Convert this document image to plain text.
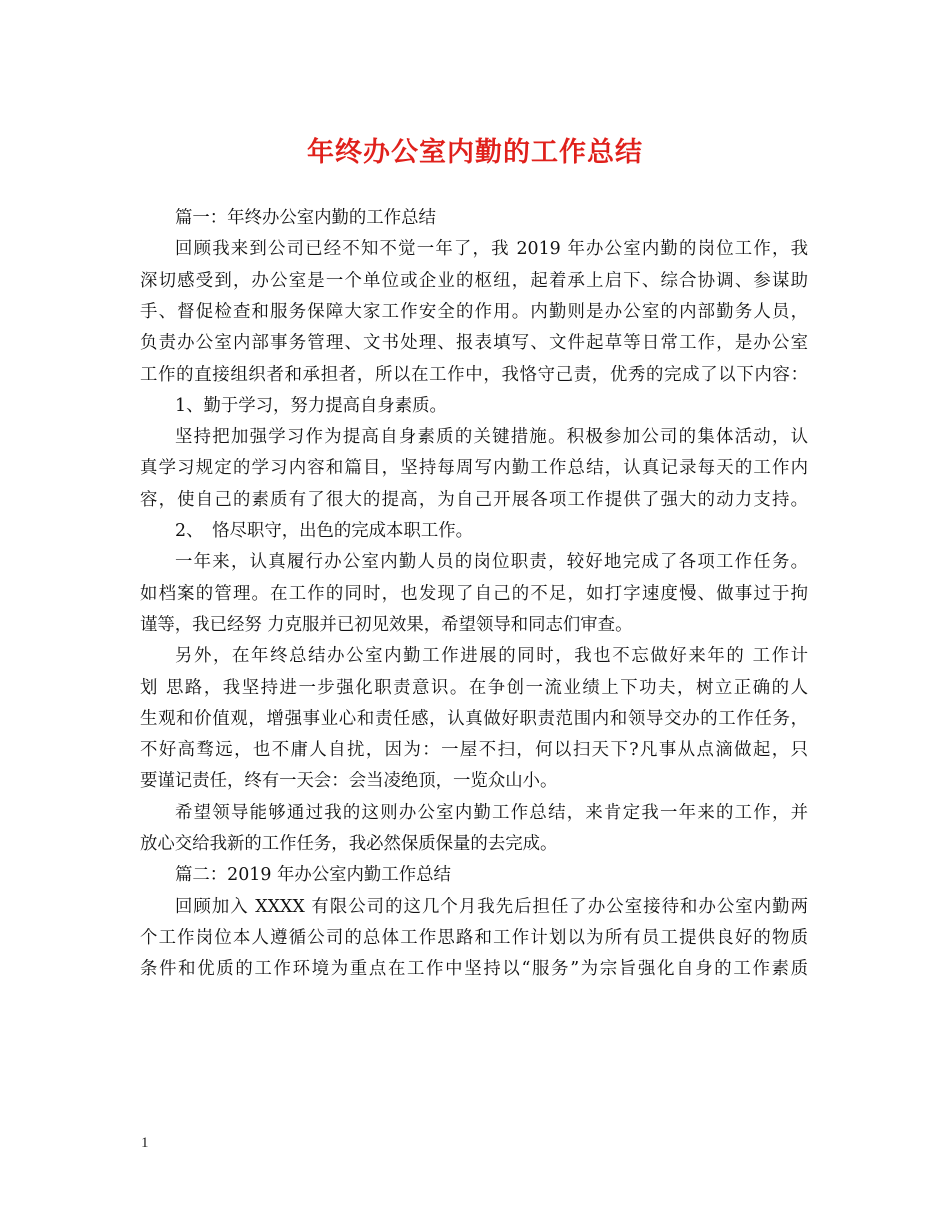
年终办公室内勤的工作总结
篇一：年终办公室内勤的工作总结
回顾我来到公司已经不知不觉一年了，我 2019 年办公室内勤的岗位工作，我
深切感受到，办公室是一个单位或企业的枢纽，起着承上启下、综合协调、参谋助
手、督促检查和服务保障大家工作安全的作用。内勤则是办公室的内部勤务人员，
负责办公室内部事务管理、文书处理、报表填写、文件起草等日常工作，是办公室
工作的直接组织者和承担者，所以在工作中，我恪守己责，优秀的完成了以下内容：
1、勤于学习，努力提高自身素质。
坚持把加强学习作为提高自身素质的关键措施。积极参加公司的集体活动，认
真学习规定的学习内容和篇目，坚持每周写内勤工作总结，认真记录每天的工作内
容，使自己的素质有了很大的提高，为自己开展各项工作提供了强大的动力支持。
2、　恪尽职守，出色的完成本职工作。
一年来，认真履行办公室内勤人员的岗位职责，较好地完成了各项工作任务。
如档案的管理。在工作的同时，也发现了自己的不足，如打字速度慢、做事过于拘
谨等，我已经努 力克服并已初见效果，希望领导和同志们审查。
另外，在年终总结办公室内勤工作进展的同时，我也不忘做好来年的 工作计
划 思路，我坚持进一步强化职责意识。在争创一流业绩上下功夫，树立正确的人
生观和价值观，增强事业心和责任感，认真做好职责范围内和领导交办的工作任务，
不好高骛远，也不庸人自扰，因为：一屋不扫，何以扫天下?凡事从点滴做起，只
要谨记责任，终有一天会：会当凌绝顶，一览众山小。
希望领导能够通过我的这则办公室内勤工作总结，来肯定我一年来的工作，并
放心交给我新的工作任务，我必然保质保量的去完成。
篇二：2019 年办公室内勤工作总结
回顾加入 XXXX 有限公司的这几个月我先后担任了办公室接待和办公室内勤两
个工作岗位本人遵循公司的总体工作思路和工作计划以为所有员工提供良好的物质
条件和优质的工作环境为重点在工作中坚持以“服务”为宗旨强化自身的工作素质
1
